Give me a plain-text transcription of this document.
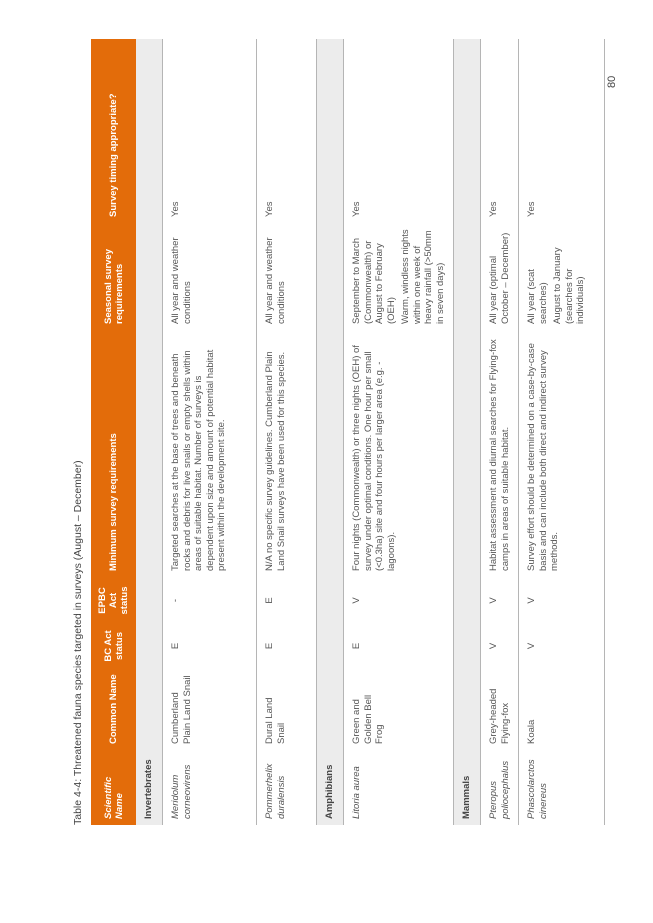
Table 4-4: Threatened fauna species targeted in surveys (August – December) Scientific Name	Common Name	BC Act status	EPBC Act status	Minimum survey requirements	Seasonal survey requirements	Survey timing appropriate?
Invertebrates						
Meridolum corneovirens	Cumberland Plain Land Snail	E	-	Targeted searches at the base of trees and beneath rocks and debris for live snails or empty shells within areas of suitable habitat. Number of surveys is dependent upon size and amount of potential habitat present within the development site.	All year and weather conditions	Yes
Pommerhelix duralensis	Dural Land Snail	E	E	N/A no specific survey guidelines. Cumberland Plain Land Snail surveys have been used for this species.	All year and weather conditions	Yes
Amphibians						
Litoria aurea	Green and Golden Bell Frog	E	V	Four nights (Commonwealth) or three nights (OEH) of survey under optimal conditions. One hour per small (<0.3ha) site and four hours per larger area (e.g. - lagoons).	September to March (Commonwealth) or August to February (OEH) Warm, windless nights within one week of heavy rainfall (>50mm in seven days)	Yes
Mammals						
Pteropus poliocephalus	Grey-headed Flying-fox	V	V	Habitat assessment and diurnal searches for Flying-fox camps in areas of suitable habitat.	All year (optimal October – December)	Yes
Phascolarctos cinereus	Koala	V	V	Survey effort should be determined on a case-by-case basis and can include both direct and indirect survey methods.	All year (scat searches) August to January (searches for individuals)	Yes
80
